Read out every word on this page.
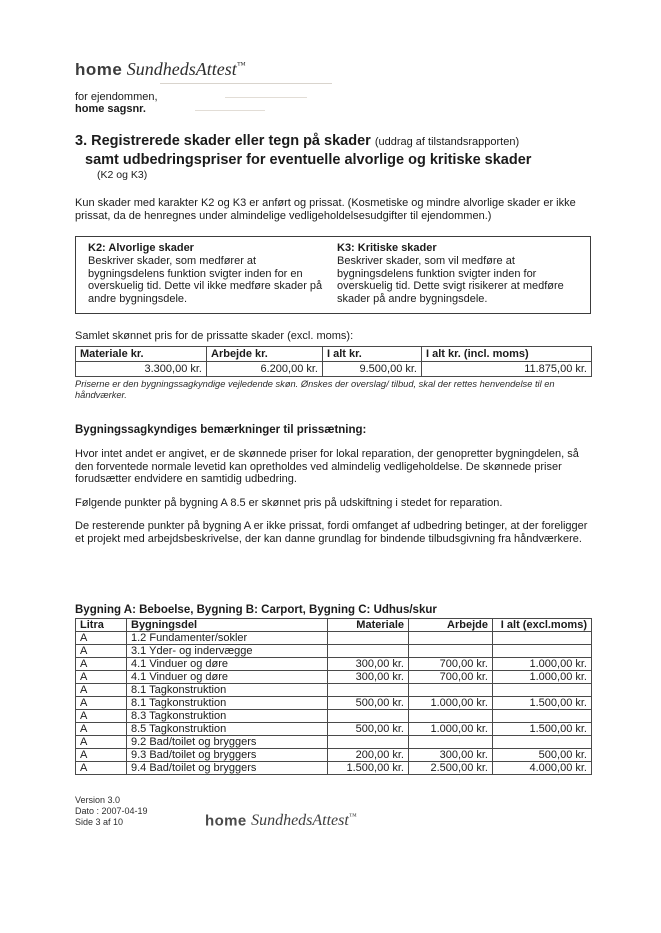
home SundhedsAttest™
for ejendommen,
home sagsnr.
3. Registrerede skader eller tegn på skader (uddrag af tilstandsrapporten)
samt udbedringspriser for eventuelle alvorlige og kritiske skader
(K2 og K3)

Kun skader med karakter K2 og K3 er anført og prissat. (Kosmetiske og mindre alvorlige skader er ikke prissat, da de henregnes under almindelige vedligeholdelsesudgifter til ejendommen.)

K2: Alvorlige skader
Beskriver skader, som medfører at bygningsdelens funktion svigter inden for en overskuelig tid. Dette vil ikke medføre skader på andre bygningsdele.
K3: Kritiske skader
Beskriver skader, som vil medføre at bygningsdelens funktion svigter inden for overskuelig tid. Dette svigt risikerer at medføre skader på andre bygningsdele.

Samlet skønnet pris for de prissatte skader (excl. moms):

Materiale kr.	Arbejde kr.	I alt kr.	I alt kr. (incl. moms)
3.300,00 kr.	6.200,00 kr.	9.500,00 kr.	11.875,00 kr.

Priserne er den bygningssagkyndige vejledende skøn. Ønskes der overslag/ tilbud, skal der rettes henvendelse til en håndværker.

Bygningssagkyndiges bemærkninger til prissætning:

Hvor intet andet er angivet, er de skønnede priser for lokal reparation, der genopretter bygningdelen, så den forventede normale levetid kan opretholdes ved almindelig vedligeholdelse. De skønnede priser forudsætter endvidere en samtidig udbedring.

Følgende punkter på bygning A 8.5 er skønnet pris på udskiftning i stedet for reparation.

De resterende punkter på bygning A er ikke prissat, fordi omfanget af udbedring betinger, at der foreligger et projekt med arbejdsbeskrivelse, der kan danne grundlag for bindende tilbudsgivning fra håndværkere.

Bygning A: Beboelse, Bygning B: Carport, Bygning C: Udhus/skur

Litra	Bygningsdel	Materiale	Arbejde	I alt (excl.moms)
A	1.2 Fundamenter/sokler			
A	3.1 Yder- og indervægge			
A	4.1 Vinduer og døre	300,00 kr.	700,00 kr.	1.000,00 kr.
A	4.1 Vinduer og døre	300,00 kr.	700,00 kr.	1.000,00 kr.
A	8.1 Tagkonstruktion			
A	8.1 Tagkonstruktion	500,00 kr.	1.000,00 kr.	1.500,00 kr.
A	8.3 Tagkonstruktion			
A	8.5 Tagkonstruktion	500,00 kr.	1.000,00 kr.	1.500,00 kr.
A	9.2 Bad/toilet og bryggers			
A	9.3 Bad/toilet og bryggers	200,00 kr.	300,00 kr.	500,00 kr.
A	9.4 Bad/toilet og bryggers	1.500,00 kr.	2.500,00 kr.	4.000,00 kr.
Version 3.0
Dato : 2007-04-19
Side 3 af 10	home SundhedsAttest™
